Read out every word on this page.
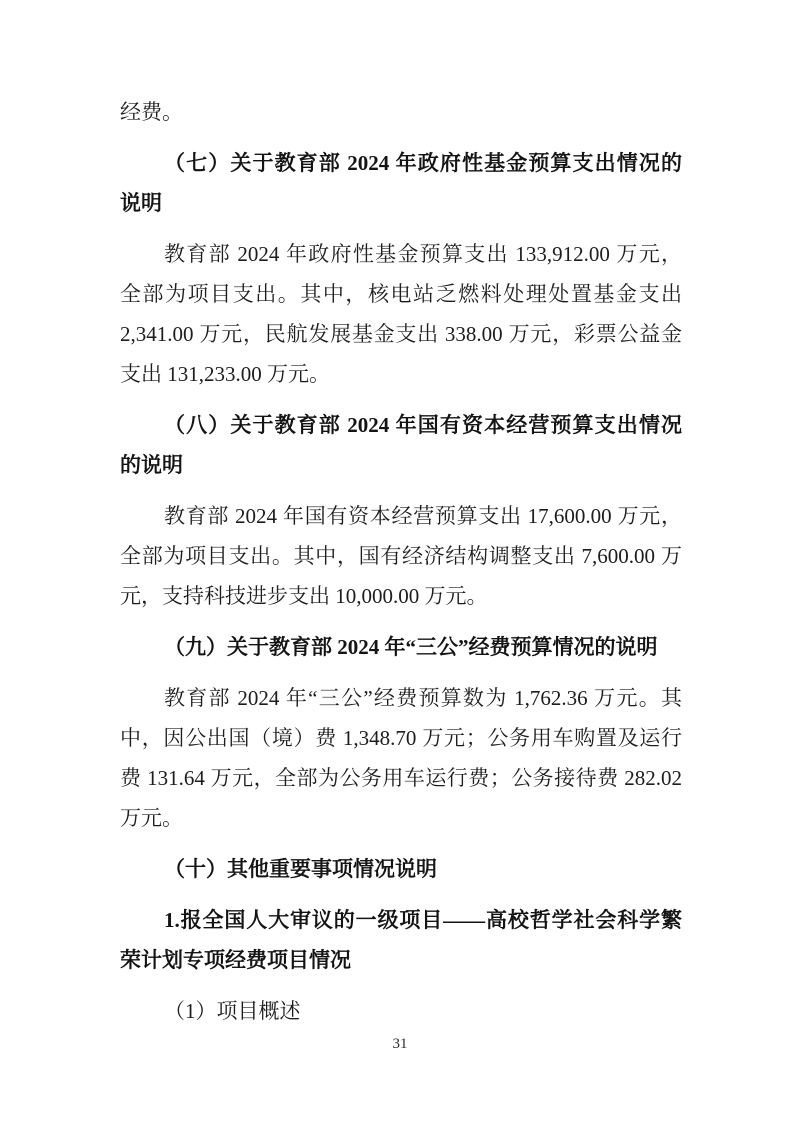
经费。
（七）关于教育部 2024 年政府性基金预算支出情况的
说明
教育部 2024 年政府性基金预算支出 133,912.00 万元，
全部为项目支出。其中，核电站乏燃料处理处置基金支出
2,341.00 万元，民航发展基金支出 338.00 万元，彩票公益金
支出 131,233.00 万元。
（八）关于教育部 2024 年国有资本经营预算支出情况
的说明
教育部 2024 年国有资本经营预算支出 17,600.00 万元，
全部为项目支出。其中，国有经济结构调整支出 7,600.00 万
元，支持科技进步支出 10,000.00 万元。
（九）关于教育部 2024 年“三公”经费预算情况的说明
教育部 2024 年“三公”经费预算数为 1,762.36 万元。其
中，因公出国（境）费 1,348.70 万元；公务用车购置及运行
费 131.64 万元，全部为公务用车运行费；公务接待费 282.02
万元。
（十）其他重要事项情况说明
1.报全国人大审议的一级项目——高校哲学社会科学繁
荣计划专项经费项目情况
（1）项目概述
31
